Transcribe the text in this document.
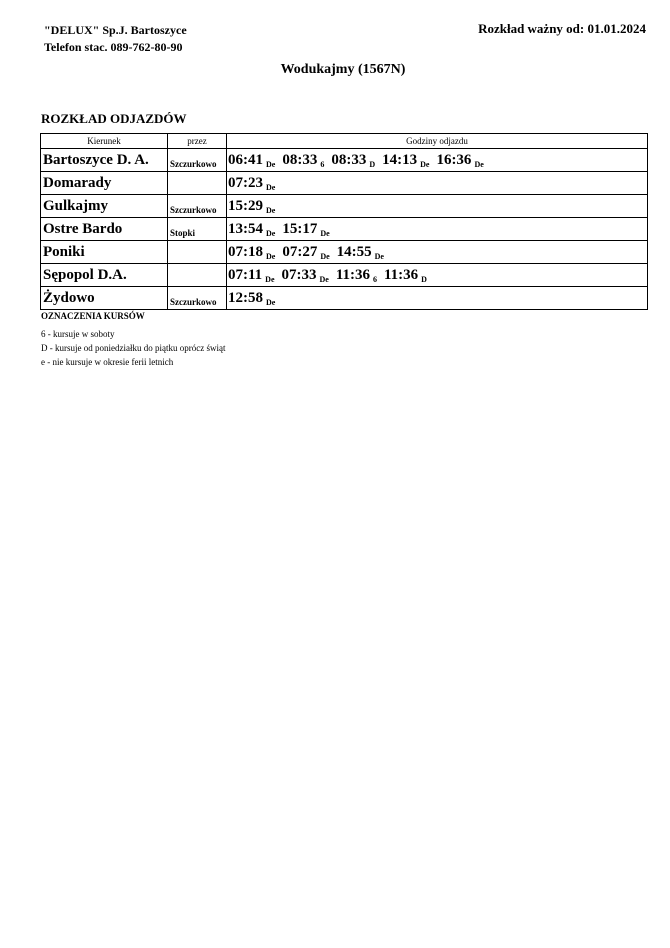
"DELUX" Sp.J. Bartoszyce
Telefon stac. 089-762-80-90
Rozkład ważny od: 01.01.2024
Wodukajmy (1567N)
ROZKŁAD ODJAZDÓW
Kierunek	przez	Godziny odjazdu
Bartoszyce D. A.	Szczurkowo	06:41 De 08:33 6 08:33 D 14:13 De 16:36 De
Domarady		07:23 De
Gulkajmy	Szczurkowo	15:29 De
Ostre Bardo	Stopki	13:54 De 15:17 De
Poniki		07:18 De 07:27 De 14:55 De
Sępopol D.A.		07:11 De 07:33 De 11:36 6 11:36 D
Żydowo	Szczurkowo	12:58 De
OZNACZENIA KURSÓW
6 - kursuje w soboty
D - kursuje od poniedziałku do piątku oprócz świąt
e - nie kursuje w okresie ferii letnich
